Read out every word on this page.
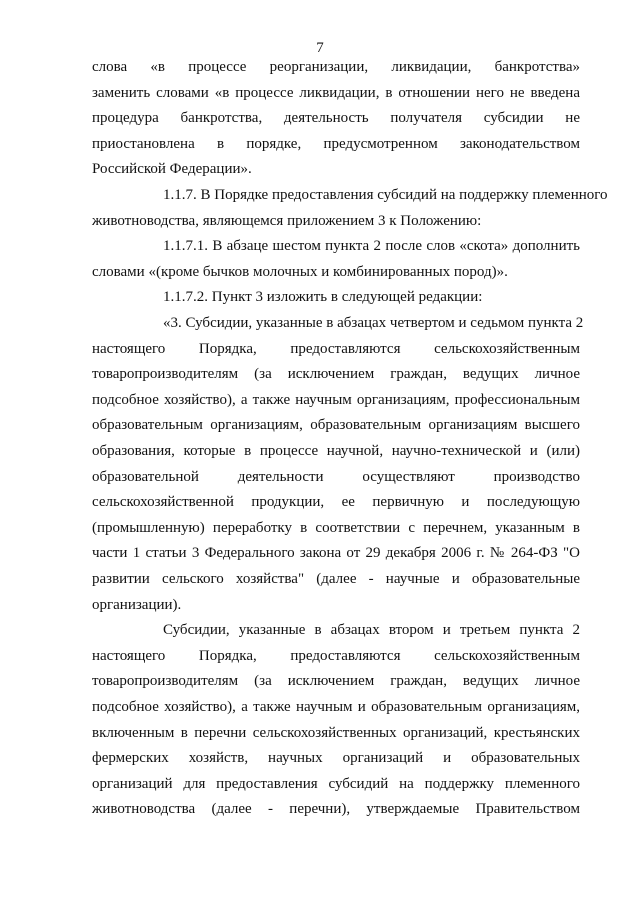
7
слова «в процессе реорганизации, ликвидации, банкротства»
заменить словами «в процессе ликвидации, в отношении него не введена
процедура банкротства, деятельность получателя субсидии не
приостановлена в порядке, предусмотренном законодательством
Российской Федерации».
1.1.7. В Порядке предоставления субсидий на поддержку племенного
животноводства, являющемся приложением 3 к Положению:
1.1.7.1. В абзаце шестом пункта 2 после слов «скота» дополнить
словами «(кроме бычков молочных и комбинированных пород)».
1.1.7.2. Пункт 3 изложить в следующей редакции:
«3. Субсидии, указанные в абзацах четвертом и седьмом пункта 2
настоящего Порядка, предоставляются сельскохозяйственным
товаропроизводителям (за исключением граждан, ведущих личное
подсобное хозяйство), а также научным организациям, профессиональным
образовательным организациям, образовательным организациям высшего
образования, которые в процессе научной, научно-технической и (или)
образовательной деятельности осуществляют производство
сельскохозяйственной продукции, ее первичную и последующую
(промышленную) переработку в соответствии с перечнем, указанным в
части 1 статьи 3 Федерального закона от 29 декабря 2006 г. № 264-ФЗ "О
развитии сельского хозяйства" (далее - научные и образовательные
организации).
Субсидии, указанные в абзацах втором и третьем пункта 2
настоящего Порядка, предоставляются сельскохозяйственным
товаропроизводителям (за исключением граждан, ведущих личное
подсобное хозяйство), а также научным и образовательным организациям,
включенным в перечни сельскохозяйственных организаций, крестьянских
фермерских хозяйств, научных организаций и образовательных
организаций для предоставления субсидий на поддержку племенного
животноводства (далее - перечни), утверждаемые Правительством
